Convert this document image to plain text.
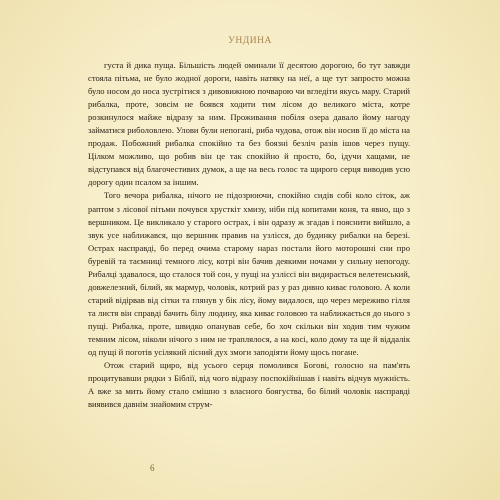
УНДИНА

густа й дика пуща. Більшість людей оминали її десятою дорогою, бо тут завжди стояла пітьма, не було жодної дороги, навіть натяку на неї, а ще тут запросто можна було носом до носа зустрітися з дивовижною почварою чи вгледіти якусь мару. Старий рибалка, проте, зовсім не боявся ходити тим лісом до великого міста, котре розкинулося майже відразу за ним. Проживання побіля озера давало йому нагоду займатися риболовлею. Улови були непогані, риба чудова, отож він носив її до міста на продаж. Побожний рибалка спокійно та без боязні безліч разів ішов через пущу. Цілком можливо, що робив він це так спокійно й просто, бо, ідучи хащами, не відступався від благочестивих думок, а ще на весь голос та щирого серця виводив усю дорогу один псалом за іншим.

Того вечора рибалка, нічого не підозрюючи, спокійно сидів собі коло сіток, аж раптом з лісової пітьми почувся хрусткіт хмизу, ніби під копитами коня, та явно, що з вершником. Це викликало у старого острах, і він одразу ж згадав і пояснити вийшло, а звук усе наближався, що вершник правив на узлісся, до будинку рибалки на березі. Острах насправді, бо перед очима старому нараз постали його моторошні сни про буревій та таємниці темного лісу, котрі він бачив деякими ночами у сильну непогоду. Рибалці здавалося, що сталося той сон, у пущі на узліссі він видирається велетенський, довжелезний, білий, як мармур, чоловік, котрий раз у раз дивно киває головою. А коли старий відірвав від сітки та глянув у бік лісу, йому видалося, що через мереживо гілля та листя він справді бачить білу людину, яка киває головою та наближається до нього з пущі. Рибалка, проте, швидко опанував себе, бо хоч скільки він ходив тим чужим темним лісом, ніколи нічого з ним не траплялося, а на косі, коло дому та ще й віддалік од пущі й поготів усілякий лісний дух змоги заподіяти йому щось погане.

Отож старий щиро, від усього серця помолився Богові, голосно на пам'ять процитувавши рядки з Біблії, від чого відразу поспокійнішав і навіть відчув мужність. А вже за мить йому стало смішно з власного боягуства, бо білий чоловік насправді виявився давнім знайомим струм-

6
